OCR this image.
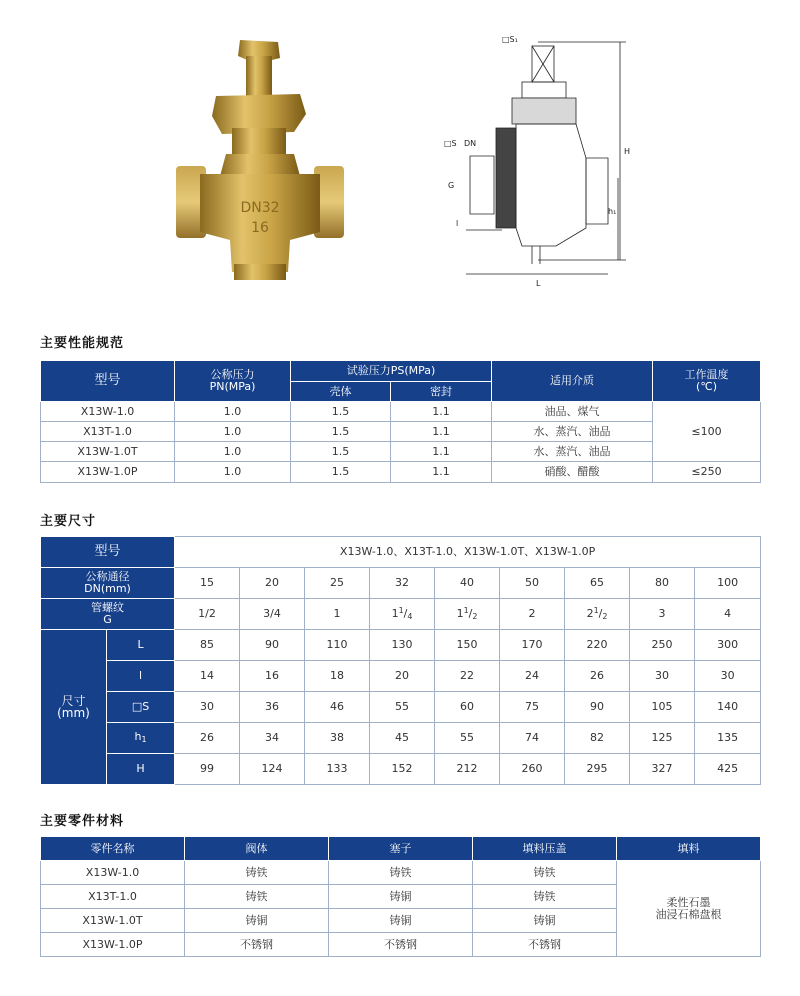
DN32
16
□S₁
□S DN
G
H
h₁
l
L
主要性能规范
型号	公称压力
PN(MPa)	试验压力PS(MPa)		适用介质	工作温度
(℃)
		壳体	密封		
X13W-1.0	1.0	1.5	1.1	油品、煤气	≤100
X13T-1.0	1.0	1.5	1.1	水、蒸汽、油品	
X13W-1.0T	1.0	1.5	1.1	水、蒸汽、油品	
X13W-1.0P	1.0	1.5	1.1	硝酸、醋酸	≤250
主要尺寸
型号		X13W-1.0、X13T-1.0、X13W-1.0T、X13W-1.0P								
公称通径
DN(mm)		15	20	25	32	40	50	65	80	100
管螺纹
G		1/2	3/4	1	$1^1/_4$	$1^1/_2$	2	$2^1/_2$	3	4
尺寸
(mm)	L	85	90	110	130	150	170	220	250	300
	l	14	16	18	20	22	24	26	30	30
	□S	30	36	46	55	60	75	90	105	140
	$h_1$	26	34	38	45	55	74	82	125	135
	H	99	124	133	152	212	260	295	327	425
主要零件材料
零件名称	阀体	塞子	填料压盖	填料
X13W-1.0	铸铁	铸铁	铸铁	柔性石墨
油浸石棉盘根
X13T-1.0	铸铁	铸铜	铸铁	
X13W-1.0T	铸铜	铸铜	铸铜	
X13W-1.0P	不锈钢	不锈钢	不锈钢	
